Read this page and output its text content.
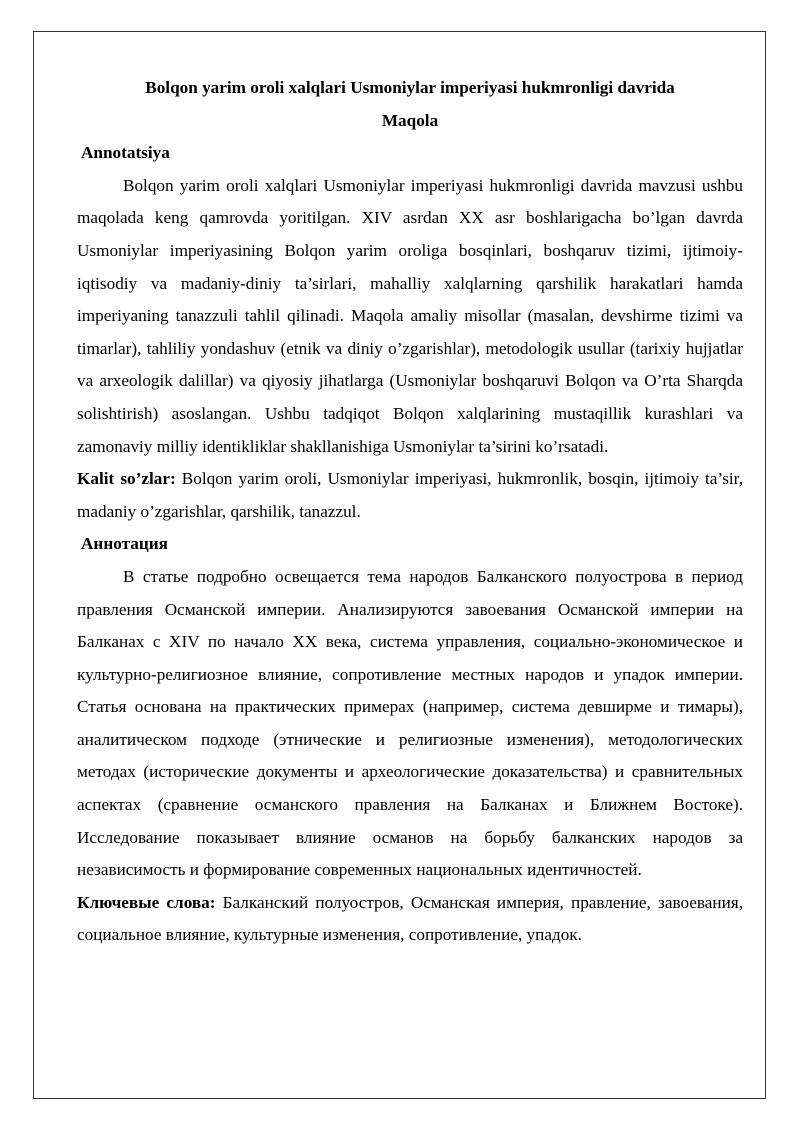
Bolqon yarim oroli xalqlari Usmoniylar imperiyasi hukmronligi davrida

Maqola

Annotatsiya

Bolqon yarim oroli xalqlari Usmoniylar imperiyasi hukmronligi davrida mavzusi ushbu maqolada keng qamrovda yoritilgan. XIV asrdan XX asr boshlarigacha bo’lgan davrda Usmoniylar imperiyasining Bolqon yarim oroliga bosqinlari, boshqaruv tizimi, ijtimoiy-iqtisodiy va madaniy-diniy ta’sirlari, mahalliy xalqlarning qarshilik harakatlari hamda imperiyaning tanazzuli tahlil qilinadi. Maqola amaliy misollar (masalan, devshirme tizimi va timarlar), tahliliy yondashuv (etnik va diniy o’zgarishlar), metodologik usullar (tarixiy hujjatlar va arxeologik dalillar) va qiyosiy jihatlarga (Usmoniylar boshqaruvi Bolqon va O’rta Sharqda solishtirish) asoslangan. Ushbu tadqiqot Bolqon xalqlarining mustaqillik kurashlari va zamonaviy milliy identikliklar shakllanishiga Usmoniylar ta’sirini ko’rsatadi.

Kalit so’zlar: Bolqon yarim oroli, Usmoniylar imperiyasi, hukmronlik, bosqin, ijtimoiy ta’sir, madaniy o’zgarishlar, qarshilik, tanazzul.

Аннотация

В статье подробно освещается тема народов Балканского полуострова в период правления Османской империи. Анализируются завоевания Османской империи на Балканах с XIV по начало XX века, система управления, социально-экономическое и культурно-религиозное влияние, сопротивление местных народов и упадок империи. Статья основана на практических примерах (например, система девширме и тимары), аналитическом подходе (этнические и религиозные изменения), методологических методах (исторические документы и археологические доказательства) и сравнительных аспектах (сравнение османского правления на Балканах и Ближнем Востоке). Исследование показывает влияние османов на борьбу балканских народов за независимость и формирование современных национальных идентичностей.

Ключевые слова: Балканский полуостров, Османская империя, правление, завоевания, социальное влияние, культурные изменения, сопротивление, упадок.
